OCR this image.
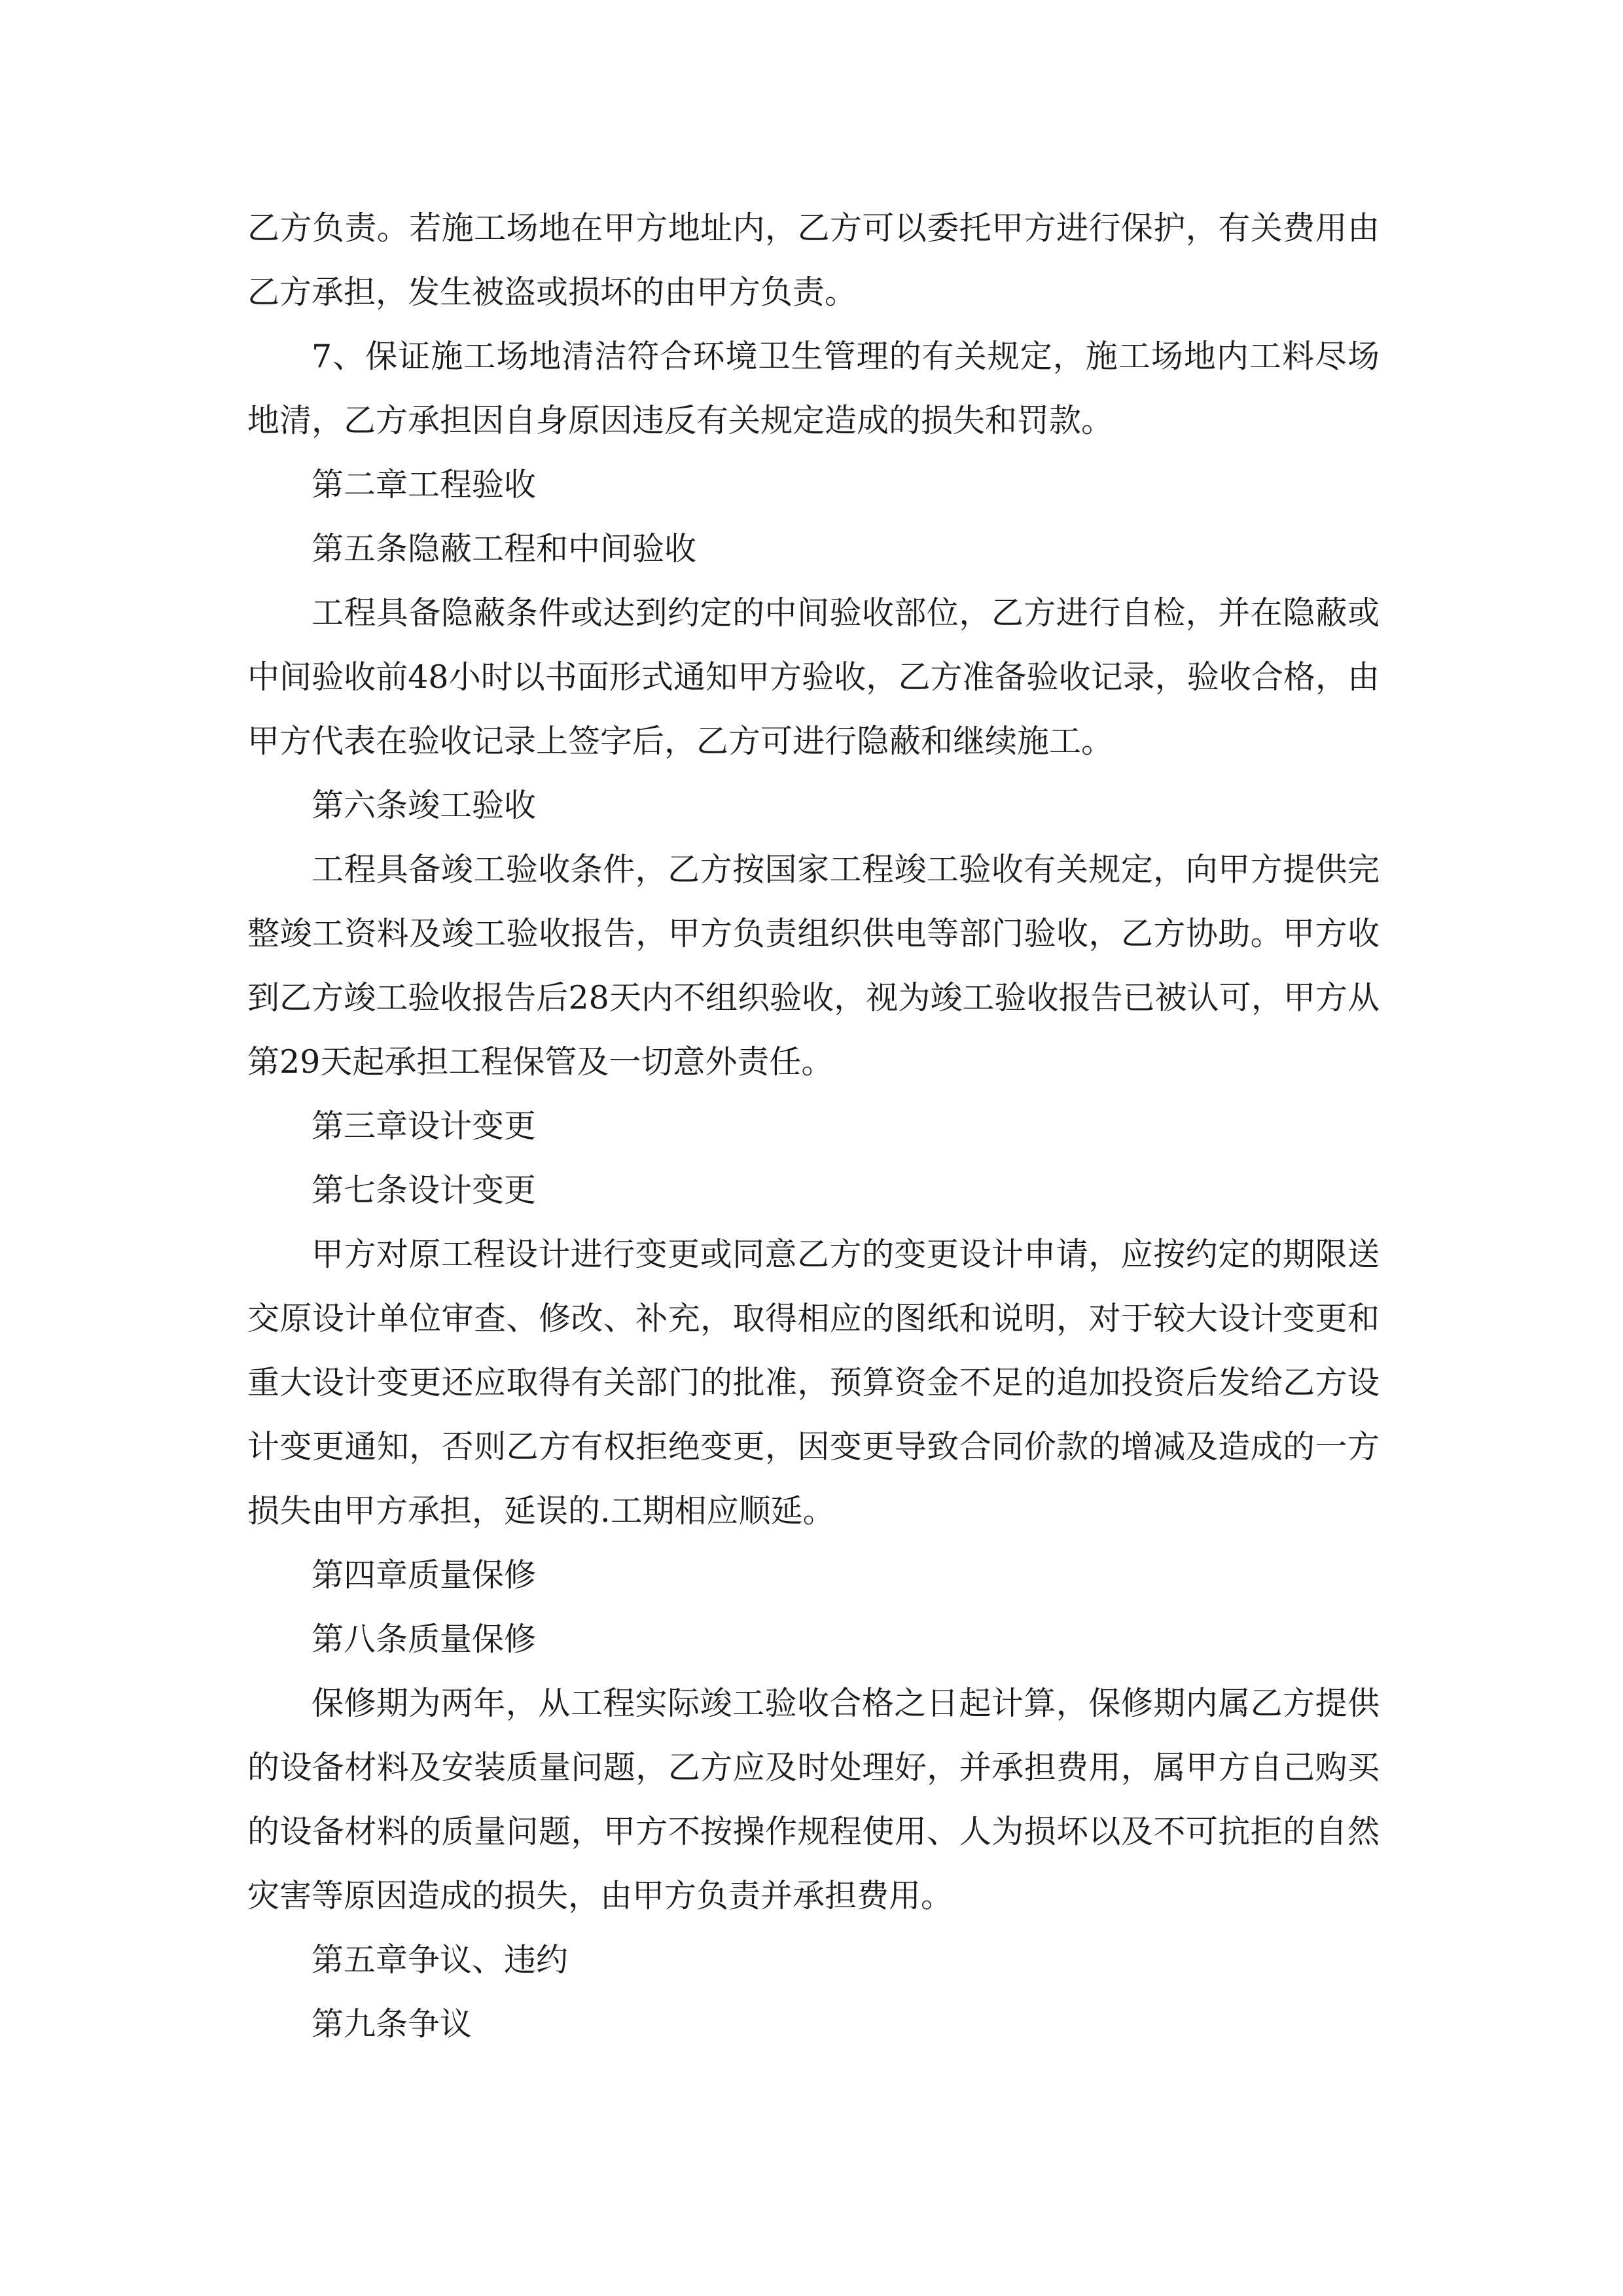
乙方负责。若施工场地在甲方地址内，乙方可以委托甲方进行保护，有关费用由乙方承担，发生被盗或损坏的由甲方负责。

7、保证施工场地清洁符合环境卫生管理的有关规定，施工场地内工料尽场地清，乙方承担因自身原因违反有关规定造成的损失和罚款。

第二章工程验收

第五条隐蔽工程和中间验收

工程具备隐蔽条件或达到约定的中间验收部位，乙方进行自检，并在隐蔽或中间验收前48小时以书面形式通知甲方验收，乙方准备验收记录，验收合格，由甲方代表在验收记录上签字后，乙方可进行隐蔽和继续施工。

第六条竣工验收

工程具备竣工验收条件，乙方按国家工程竣工验收有关规定，向甲方提供完整竣工资料及竣工验收报告，甲方负责组织供电等部门验收，乙方协助。甲方收到乙方竣工验收报告后28天内不组织验收，视为竣工验收报告已被认可，甲方从第29天起承担工程保管及一切意外责任。

第三章设计变更

第七条设计变更

甲方对原工程设计进行变更或同意乙方的变更设计申请，应按约定的期限送交原设计单位审查、修改、补充，取得相应的图纸和说明，对于较大设计变更和重大设计变更还应取得有关部门的批准，预算资金不足的追加投资后发给乙方设计变更通知，否则乙方有权拒绝变更，因变更导致合同价款的增减及造成的一方损失由甲方承担，延误的.工期相应顺延。

第四章质量保修

第八条质量保修

保修期为两年，从工程实际竣工验收合格之日起计算，保修期内属乙方提供的设备材料及安装质量问题，乙方应及时处理好，并承担费用，属甲方自己购买的设备材料的质量问题，甲方不按操作规程使用、人为损坏以及不可抗拒的自然灾害等原因造成的损失，由甲方负责并承担费用。

第五章争议、违约

第九条争议
